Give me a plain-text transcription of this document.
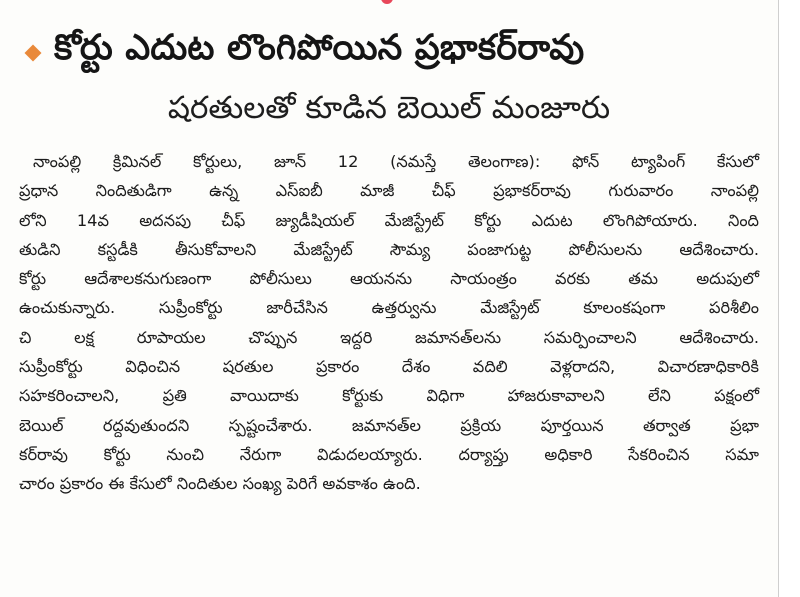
కోర్టు ఎదుట లొంగిపోయిన ప్రభాకర్‌రావు
షరతులతో కూడిన బెయిల్ మంజూరు

నాంపల్లి క్రిమినల్ కోర్టులు, జూన్ 12 (నమస్తే తెలంగాణ): ఫోన్ ట్యాపింగ్ కేసులో
ప్రధాన నిందితుడిగా ఉన్న ఎస్ఐబీ మాజీ చీఫ్ ప్రభాకర్‌రావు గురువారం నాంపల్లి
లోని 14వ అదనపు చీఫ్ జ్యుడీషియల్ మేజిస్ట్రేట్ కోర్టు ఎదుట లొంగిపోయారు. నింది
తుడిని కస్టడీకి తీసుకోవాలని మేజిస్ట్రేట్ సౌమ్య పంజాగుట్ట పోలీసులను ఆదేశించారు.
కోర్టు ఆదేశాలకనుగుణంగా పోలీసులు ఆయనను సాయంత్రం వరకు తమ అదుపులో
ఉంచుకున్నారు. సుప్రీంకోర్టు జారీచేసిన ఉత్తర్వును మేజిస్ట్రేట్ కూలంకషంగా పరిశీలిం
చి లక్ష రూపాయల చొప్పున ఇద్దరి జమానత్‌లను సమర్పించాలని ఆదేశించారు.
సుప్రీంకోర్టు విధించిన షరతుల ప్రకారం దేశం వదిలి వెళ్లరాదని, విచారణాధికారికి
సహకరించాలని, ప్రతి వాయిదాకు కోర్టుకు విధిగా హాజరుకావాలని లేని పక్షంలో
బెయిల్ రద్దవుతుందని స్పష్టంచేశారు. జమానత్‌ల ప్రక్రియ పూర్తయిన తర్వాత ప్రభా
కర్‌రావు కోర్టు నుంచి నేరుగా విడుదలయ్యారు. దర్యాప్తు అధికారి సేకరించిన సమా
చారం ప్రకారం ఈ కేసులో నిందితుల సంఖ్య పెరిగే అవకాశం ఉంది.
